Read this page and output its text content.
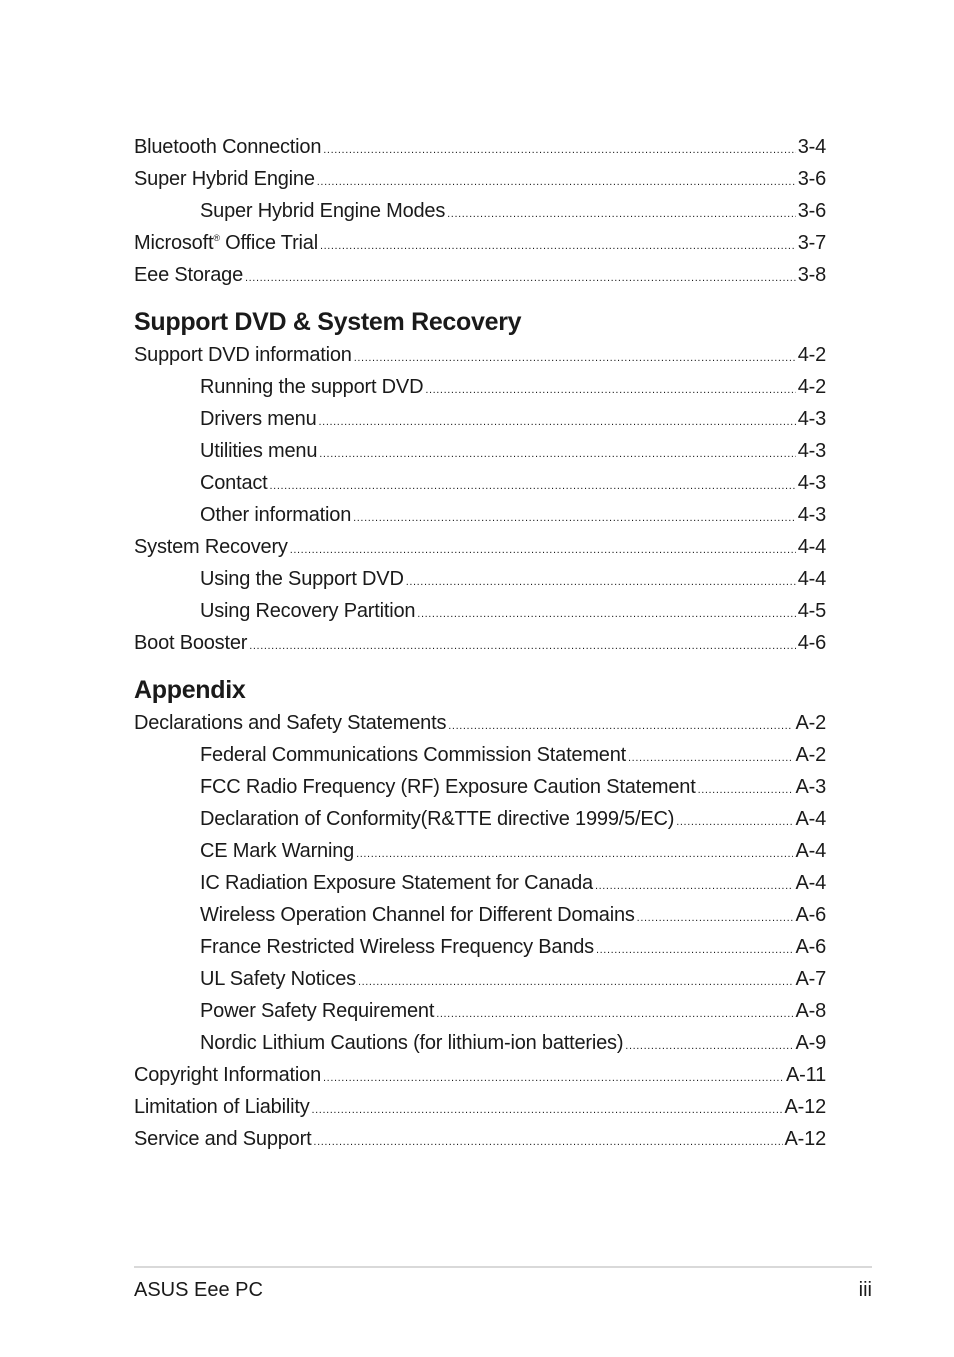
Bluetooth Connection .....	3-4
Super Hybrid Engine .....	3-6
Super Hybrid Engine Modes .....	3-6
Microsoft® Office Trial .....	3-7
Eee Storage .....	3-8
Support DVD & System Recovery
Support DVD information .....	4-2
Running the support DVD .....	4-2
Drivers menu .....	4-3
Utilities menu .....	4-3
Contact .....	4-3
Other information .....	4-3
System Recovery .....	4-4
Using the Support DVD .....	4-4
Using Recovery Partition .....	4-5
Boot Booster .....	4-6
Appendix
Declarations and Safety Statements .....	A-2
Federal Communications Commission Statement .....	A-2
FCC Radio Frequency (RF) Exposure Caution Statement .....	A-3
Declaration of Conformity(R&TTE directive 1999/5/EC) .....	A-4
CE Mark Warning .....	A-4
IC Radiation Exposure Statement for Canada .....	A-4
Wireless Operation Channel for Different Domains .....	A-6
France Restricted Wireless Frequency Bands .....	A-6
UL Safety Notices .....	A-7
Power Safety Requirement .....	A-8
Nordic Lithium Cautions (for lithium-ion batteries) .....	A-9
Copyright Information .....	A-11
Limitation of Liability .....	A-12
Service and Support .....	A-12
ASUS Eee PC	iii
